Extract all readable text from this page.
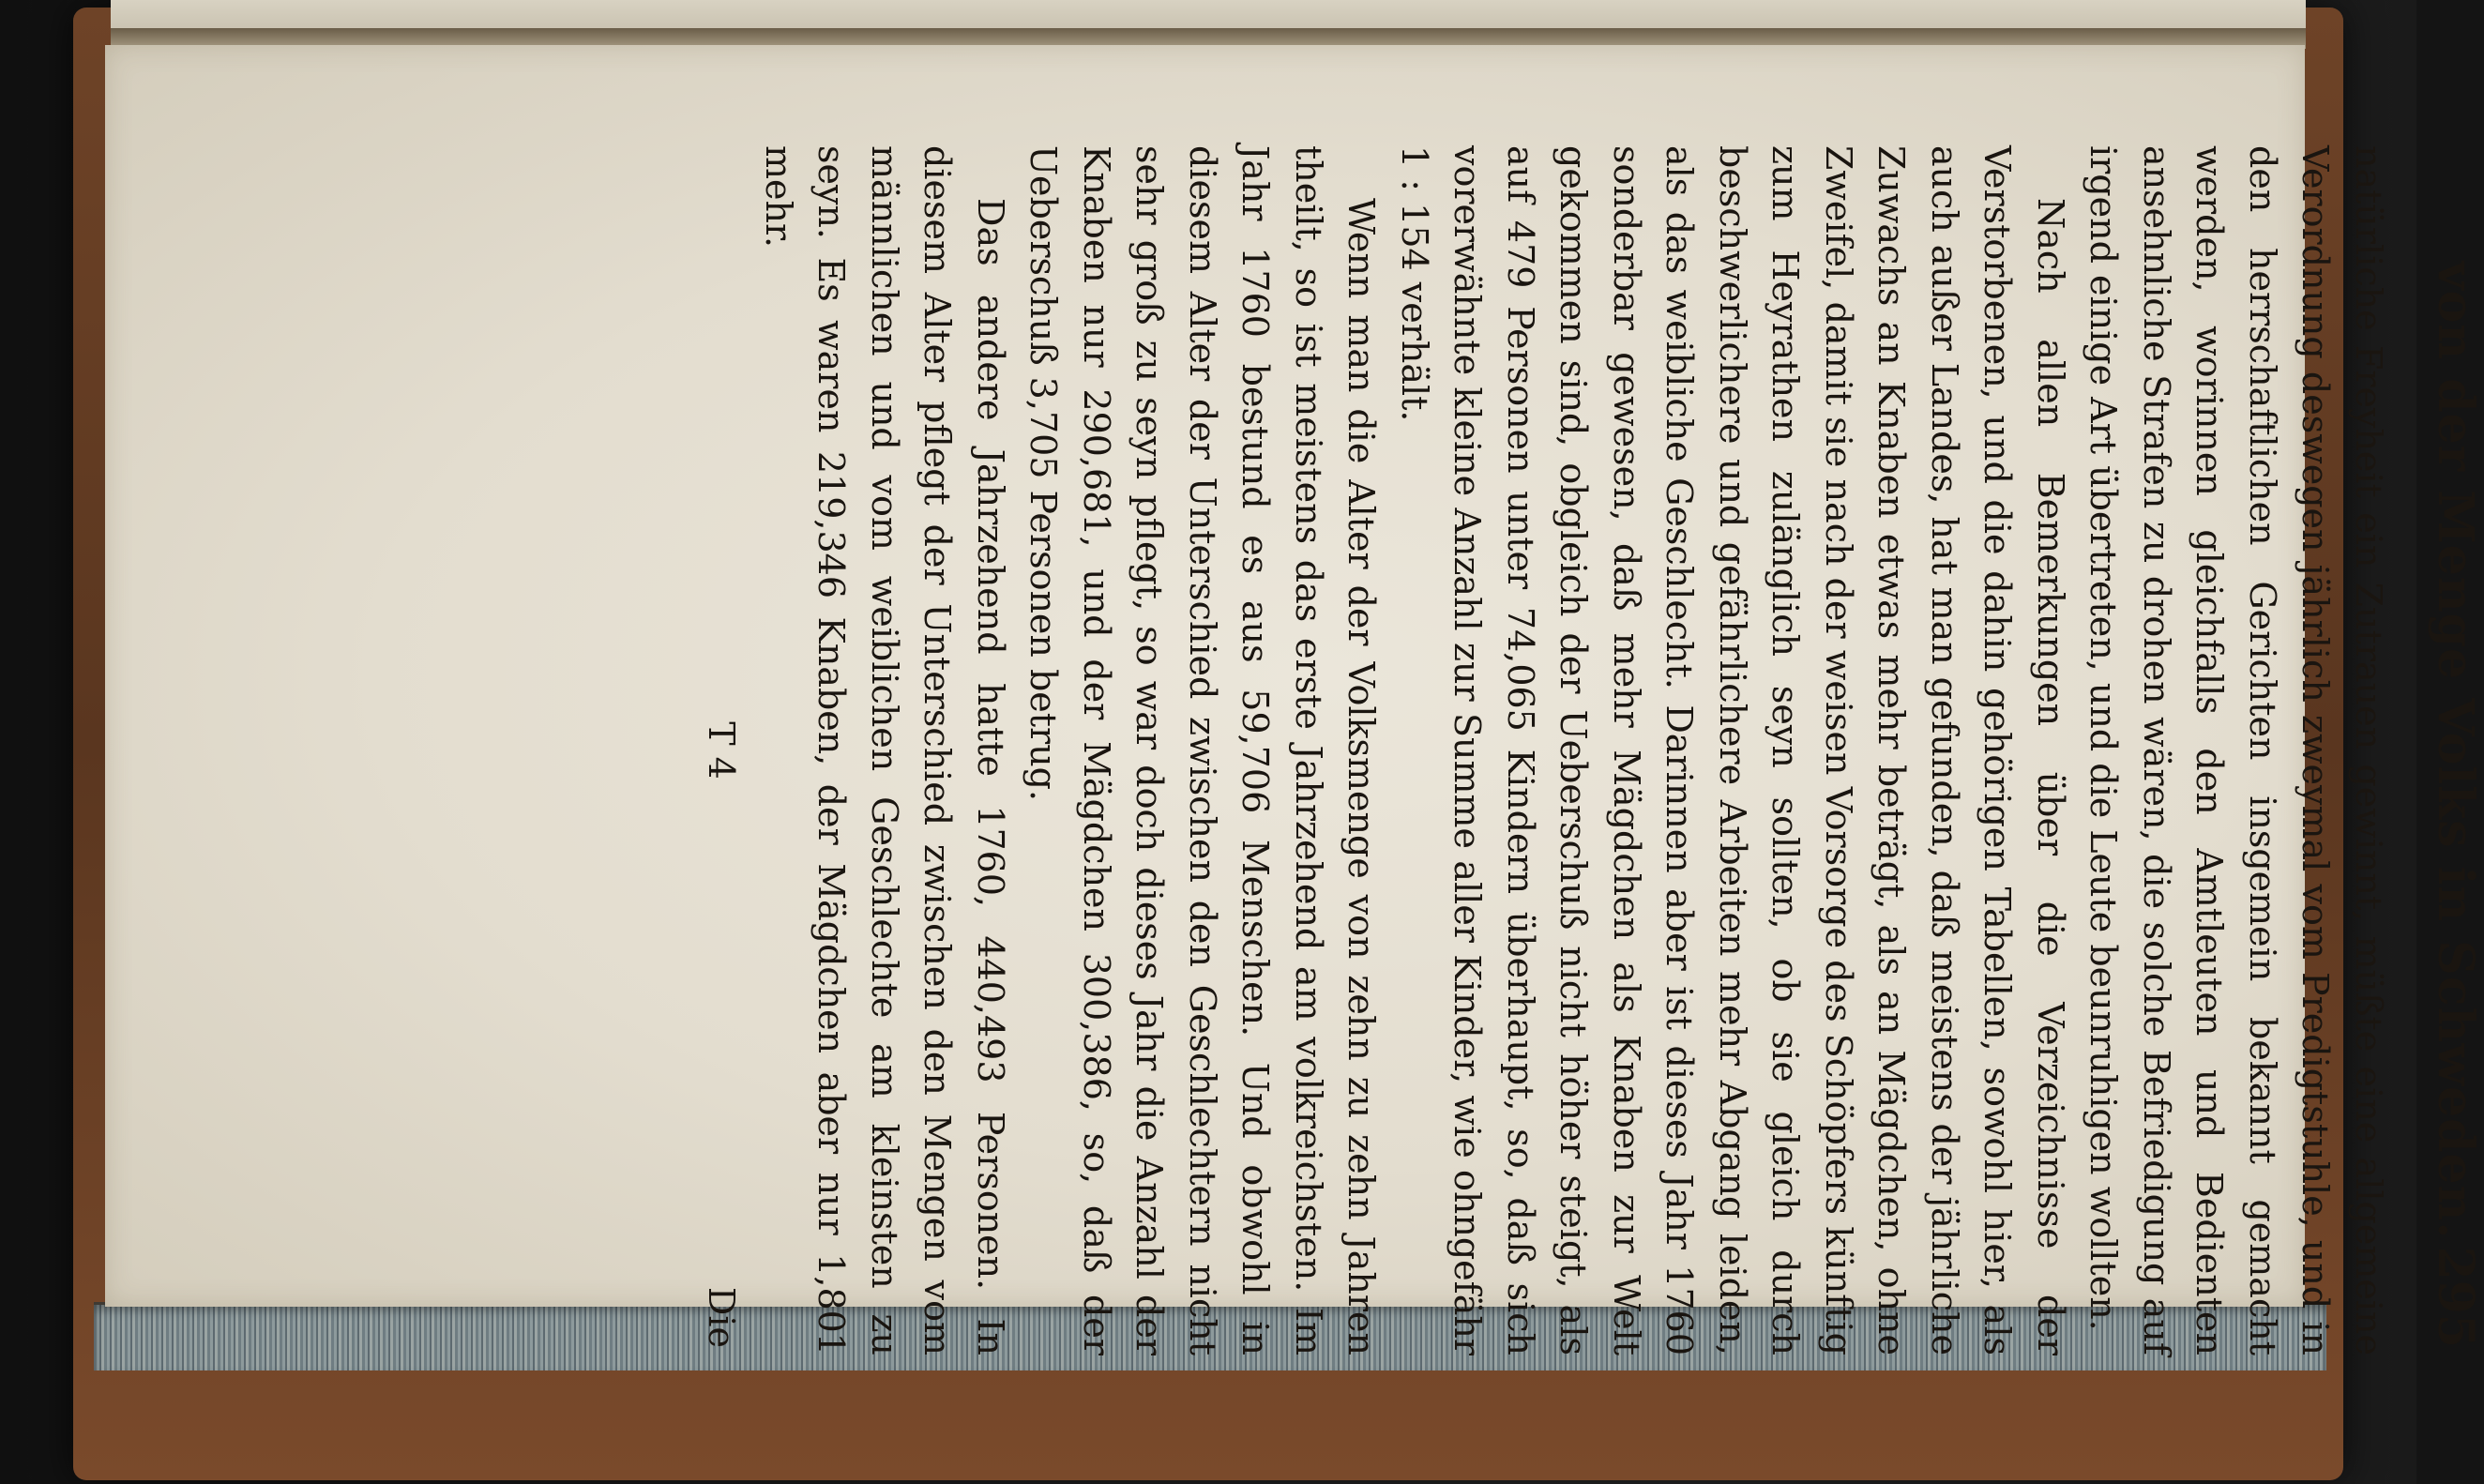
von der Menge Volks in Schweden.
295

natürliche Freyheit ein Zutrauen gewinnt, müßte eine allgemeine Verordnung deswegen jährlich zweymal vom Predigtstuhle, und in den herrschaftlichen Gerichten insgemein bekannt gemacht werden, worinnen gleichfalls den Amtleuten und Bedienten ansehnliche Strafen zu drohen wären, die solche Befriedigung auf irgend einige Art übertreten, und die Leute beunruhigen wollten.

Nach allen Bemerkungen über die Verzeichnisse der Verstorbenen, und die dahin gehörigen Tabellen, sowohl hier, als auch außer Landes, hat man gefunden, daß meistens der jährliche Zuwachs an Knaben etwas mehr beträgt, als an Mägdchen, ohne Zweifel, damit sie nach der weisen Vorsorge des Schöpfers künftig zum Heyrathen zulänglich seyn sollten, ob sie gleich durch beschwerlichere und gefährlichere Arbeiten mehr Abgang leiden, als das weibliche Geschlecht. Darinnen aber ist dieses Jahr 1760 sonderbar gewesen, daß mehr Mägdchen als Knaben zur Welt gekommen sind, obgleich der Ueberschuß nicht höher steigt, als auf 479 Personen unter 74,065 Kindern überhaupt, so, daß sich vorerwähnte kleine Anzahl zur Summe aller Kinder, wie ohngefähr 1 : 154 verhält.

Wenn man die Alter der Volksmenge von zehn zu zehn Jahren theilt, so ist meistens das erste Jahrzehend am volkreichsten. Im Jahr 1760 bestund es aus 59,706 Menschen. Und obwohl in diesem Alter der Unterschied zwischen den Geschlechtern nicht sehr groß zu seyn pflegt, so war doch dieses Jahr die Anzahl der Knaben nur 290,681, und der Mägdchen 300,386, so, daß der Ueberschuß 3,705 Personen betrug.

Das andere Jahrzehend hatte 1760, 440,493 Personen. In diesem Alter pflegt der Unterschied zwischen den Mengen vom männlichen und vom weiblichen Geschlechte am kleinsten zu seyn. Es waren 219,346 Knaben, der Mägdchen aber nur 1,801 mehr.

T 4
Die
